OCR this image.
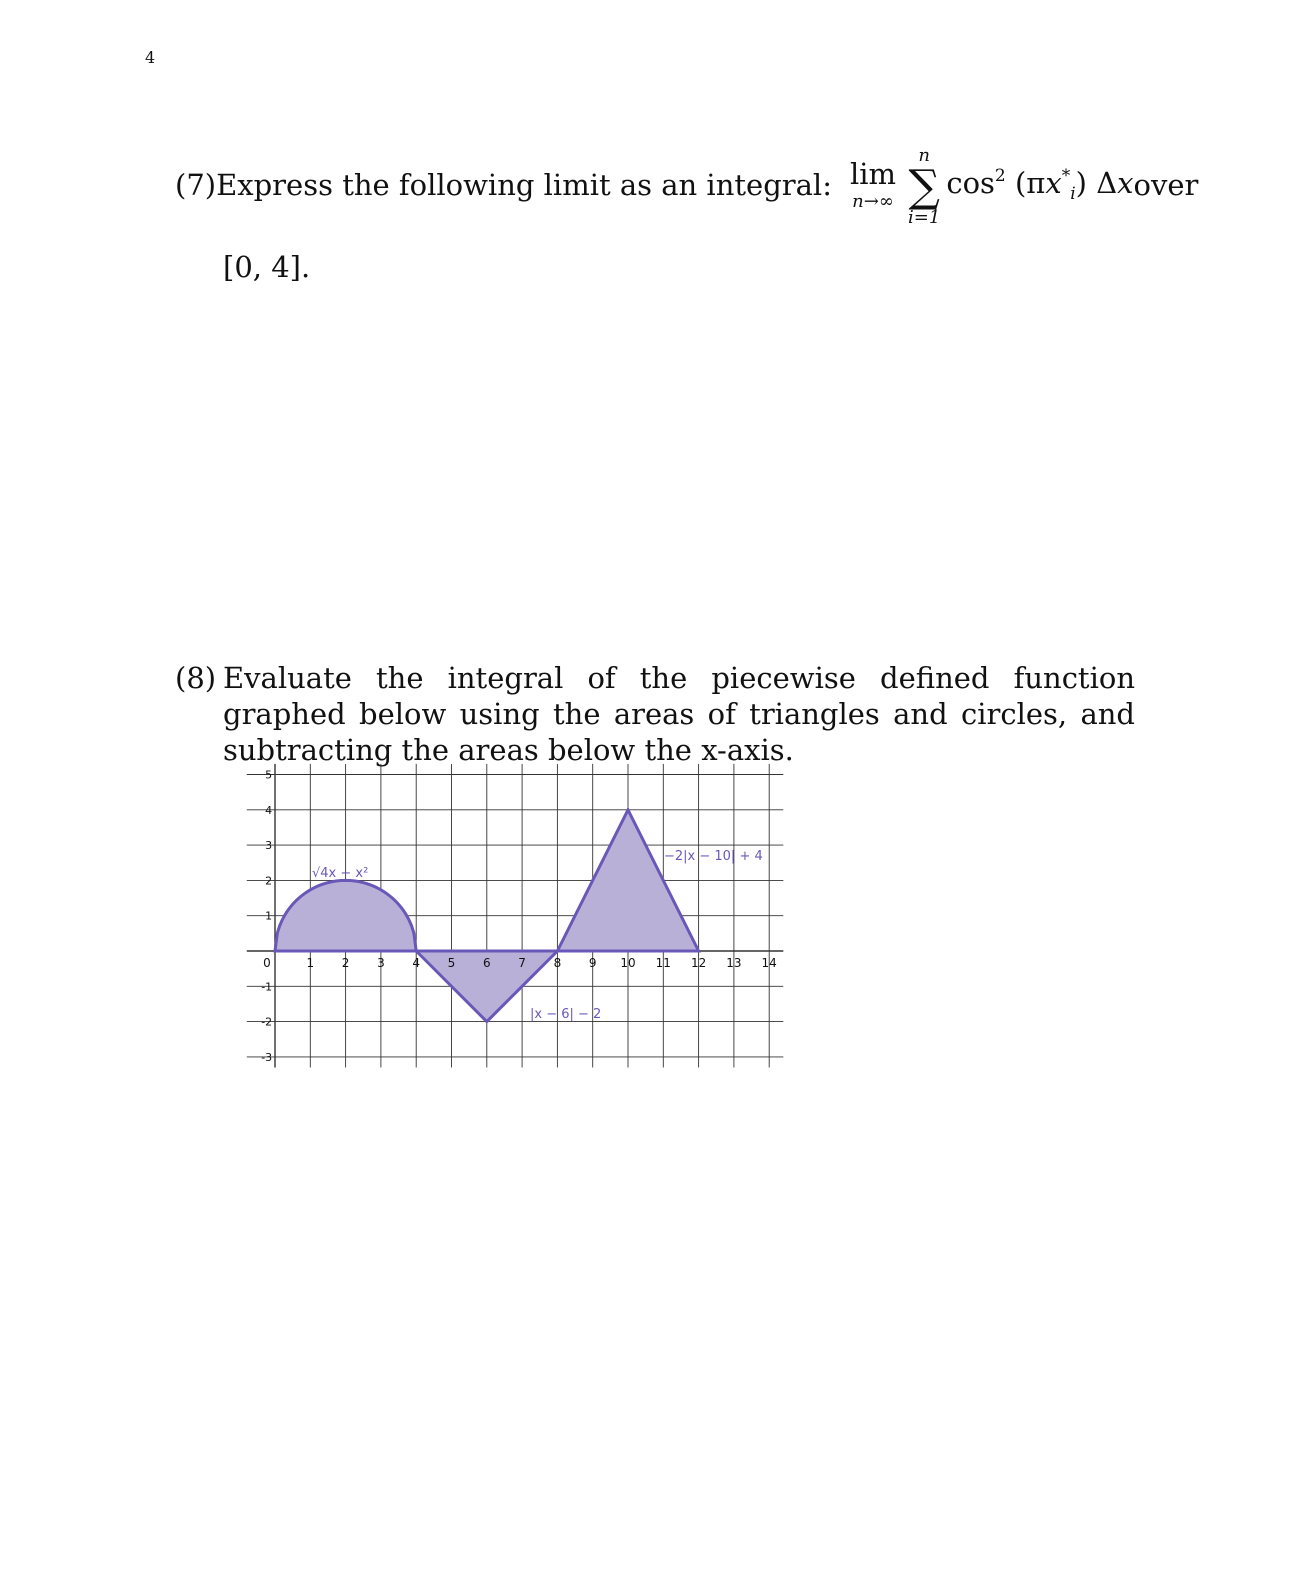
4
(7) Express the following limit as an integral: lim
n→∞
n
∑
i=1
$\cos^2 (\pi x^*_i)$ Δx over
[0, 4].
(8) Evaluate the integral of the piecewise defined function graphed below using the areas of triangles and circles, and subtracting the areas below the x-axis.
0	1 2 3 4 5 6 7 8 9 10 11 12 13 14
5
4
3
2
1
-1
-2
-3
√4x − x²
|x − 6| − 2
−2|x − 10| + 4
